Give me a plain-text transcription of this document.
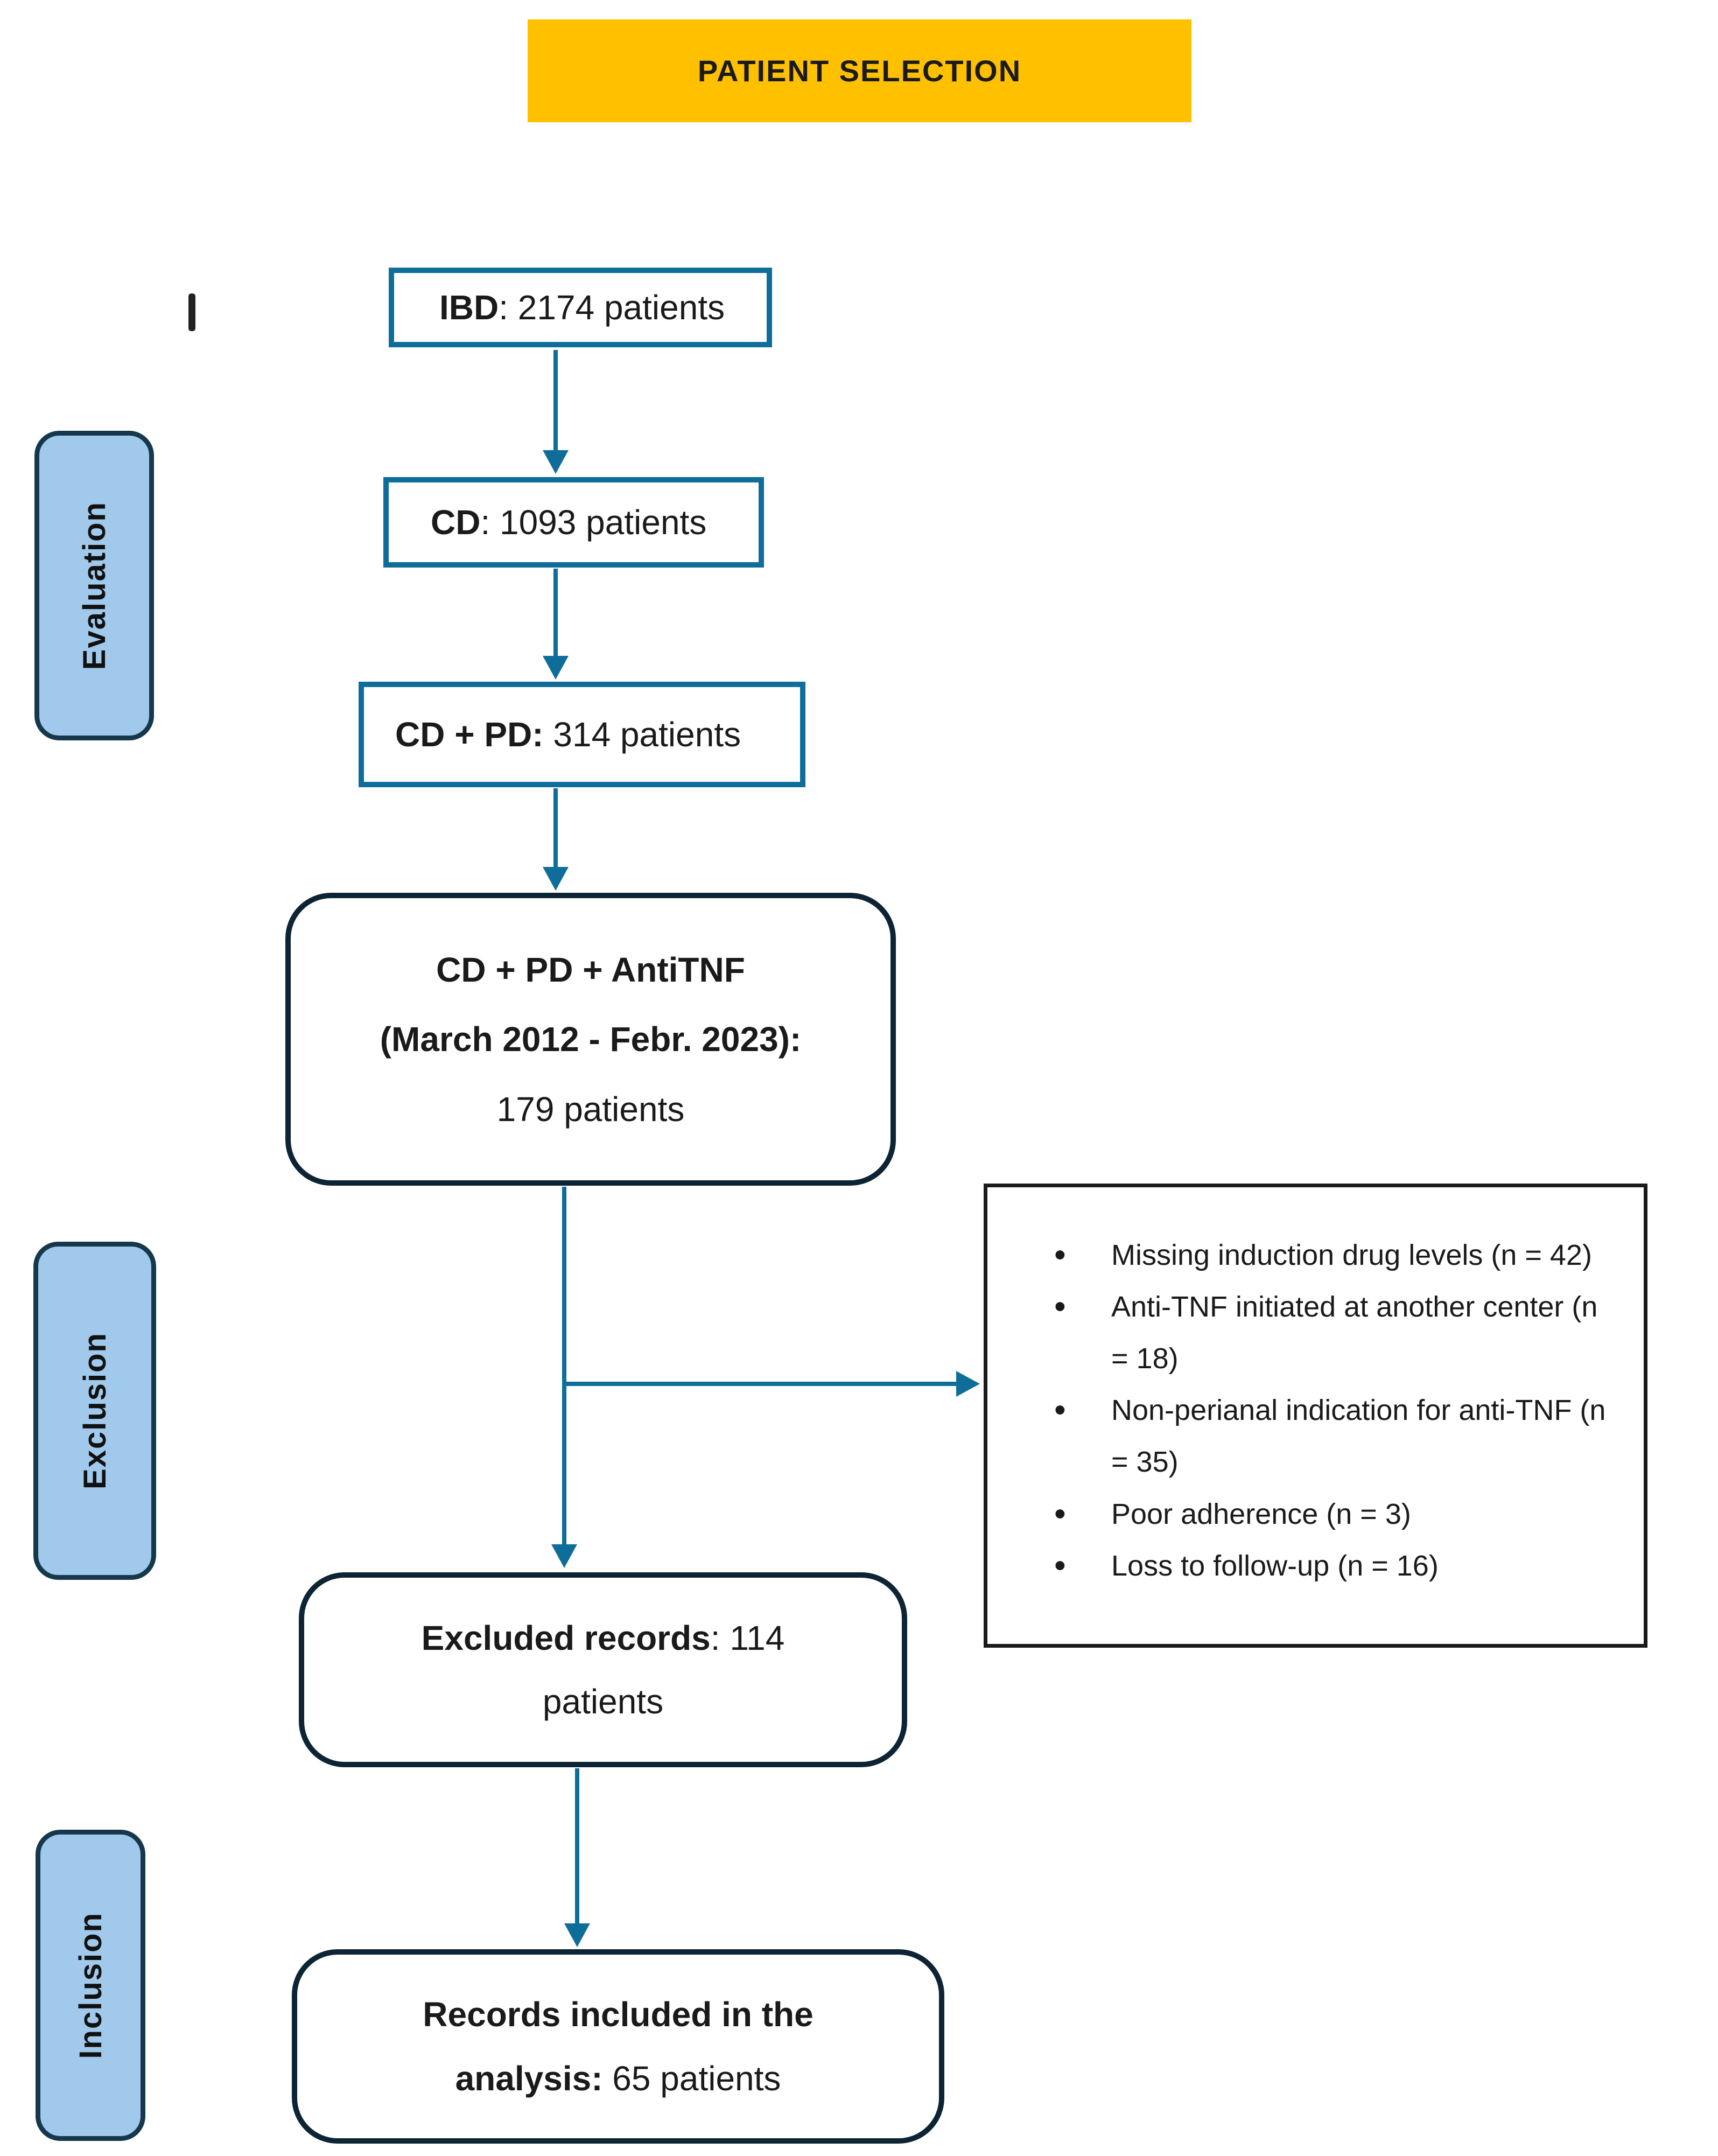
PATIENT SELECTION
Evaluation
Exclusion
Inclusion
IBD : 2174 patients
CD : 1093 patients
CD + PD: 314 patients
CD + PD + AntiTNF
(March 2012 - Febr. 2023):
179 patients
Excluded records: 114 patients
Records included in the analysis: 65 patients
• Missing induction drug levels (n = 42)
• Anti-TNF initiated at another center (n = 18)
• Non-perianal indication for anti-TNF (n = 35)
• Poor adherence (n = 3)
• Loss to follow-up (n = 16)
